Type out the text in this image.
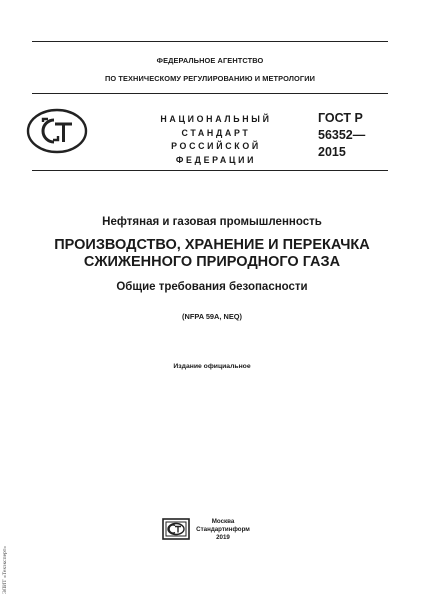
ФЕДЕРАЛЬНОЕ АГЕНТСТВО
ПО ТЕХНИЧЕСКОМУ РЕГУЛИРОВАНИЮ И МЕТРОЛОГИИ
НАЦИОНАЛЬНЫЙ
СТАНДАРТ
РОССИЙСКОЙ
ФЕДЕРАЦИИ
ГОСТ Р
56352—
2015
Нефтяная и газовая промышленность
ПРОИЗВОДСТВО, ХРАНЕНИЕ И ПЕРЕКАЧКА
СЖИЖЕННОГО ПРИРОДНОГО ГАЗА
Общие требования безопасности
(NFPA 59A, NEQ)
Издание официальное
Москва
Стандартинформ
2019
ЭЛИТ «Техэксперт»
